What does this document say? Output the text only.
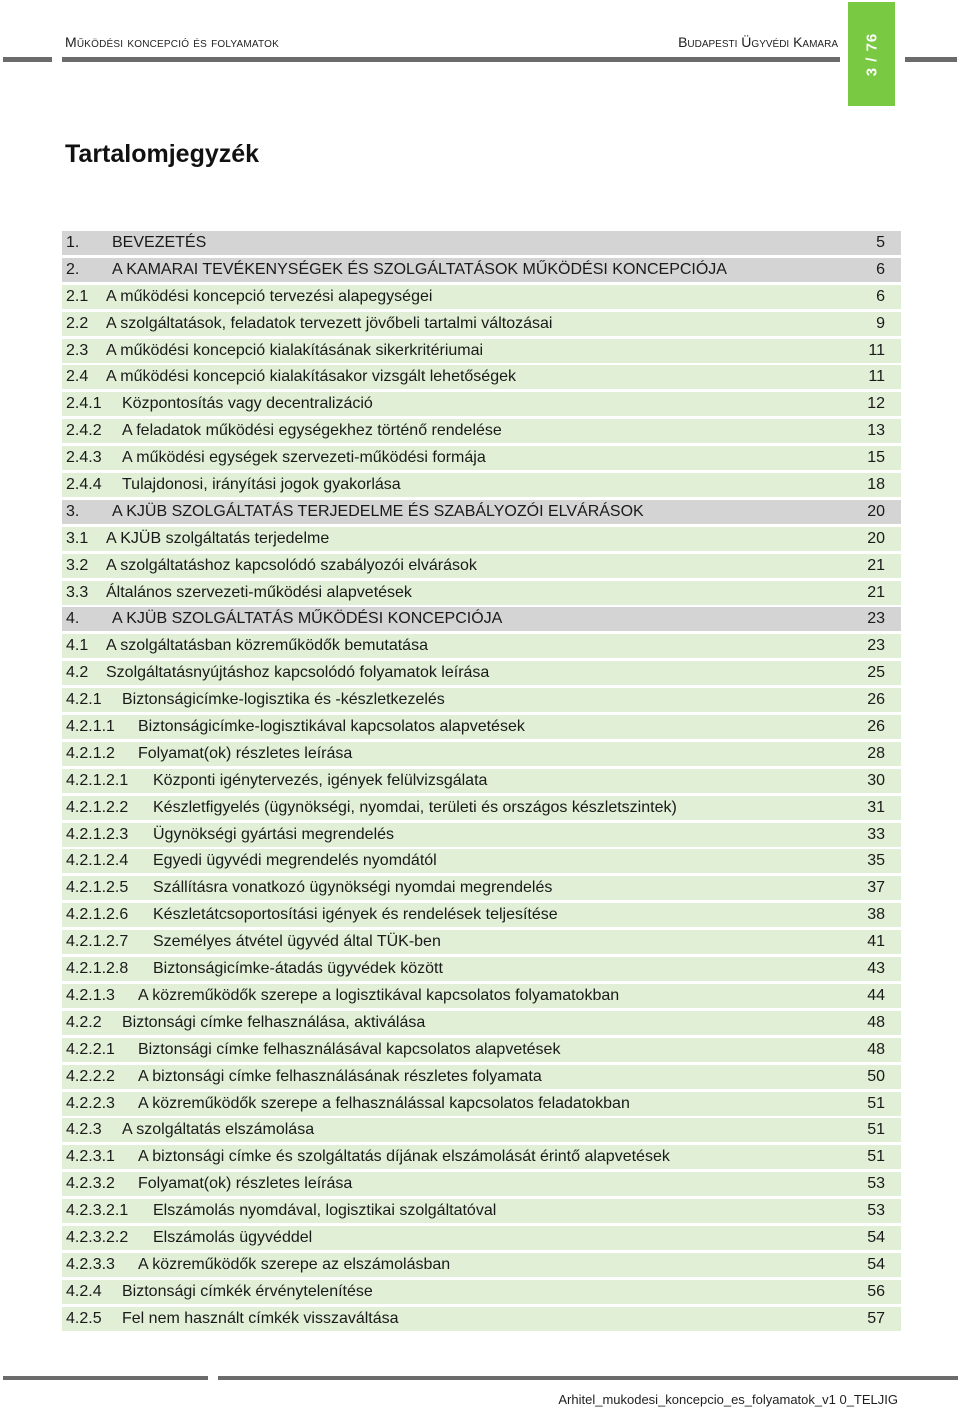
Működési koncepció és folyamatok	Budapesti Ügyvédi Kamara 3 / 76
Tartalomjegyzék
1. BEVEZETÉS	5
2. A KAMARAI TEVÉKENYSÉGEK ÉS SZOLGÁLTATÁSOK MŰKÖDÉSI KONCEPCIÓJA	6
2.1 A működési koncepció tervezési alapegységei	6
2.2 A szolgáltatások, feladatok tervezett jövőbeli tartalmi változásai	9
2.3 A működési koncepció kialakításának sikerkritériumai	11
2.4 A működési koncepció kialakításakor vizsgált lehetőségek	11
2.4.1 Központosítás vagy decentralizáció	12
2.4.2 A feladatok működési egységekhez történő rendelése	13
2.4.3 A működési egységek szervezeti-működési formája	15
2.4.4 Tulajdonosi, irányítási jogok gyakorlása	18
3. A KJÜB SZOLGÁLTATÁS TERJEDELME ÉS SZABÁLYOZÓI ELVÁRÁSOK	20
3.1 A KJÜB szolgáltatás terjedelme	20
3.2 A szolgáltatáshoz kapcsolódó szabályozói elvárások	21
3.3 Általános szervezeti-működési alapvetések	21
4. A KJÜB SZOLGÁLTATÁS MŰKÖDÉSI KONCEPCIÓJA	23
4.1 A szolgáltatásban közreműködők bemutatása	23
4.2 Szolgáltatásnyújtáshoz kapcsolódó folyamatok leírása	25
4.2.1 Biztonságicímke-logisztika és -készletkezelés	26
4.2.1.1 Biztonságicímke-logisztikával kapcsolatos alapvetések	26
4.2.1.2 Folyamat(ok) részletes leírása	28
4.2.1.2.1 Központi igénytervezés, igények felülvizsgálata	30
4.2.1.2.2 Készletfigyelés (ügynökségi, nyomdai, területi és országos készletszintek)	31
4.2.1.2.3 Ügynökségi gyártási megrendelés	33
4.2.1.2.4 Egyedi ügyvédi megrendelés nyomdától	35
4.2.1.2.5 Szállításra vonatkozó ügynökségi nyomdai megrendelés	37
4.2.1.2.6 Készletátcsoportosítási igények és rendelések teljesítése	38
4.2.1.2.7 Személyes átvétel ügyvéd által TÜK-ben	41
4.2.1.2.8 Biztonságicímke-átadás ügyvédek között	43
4.2.1.3 A közreműködők szerepe a logisztikával kapcsolatos folyamatokban	44
4.2.2 Biztonsági címke felhasználása, aktiválása	48
4.2.2.1 Biztonsági címke felhasználásával kapcsolatos alapvetések	48
4.2.2.2 A biztonsági címke felhasználásának részletes folyamata	50
4.2.2.3 A közreműködők szerepe a felhasználással kapcsolatos feladatokban	51
4.2.3 A szolgáltatás elszámolása	51
4.2.3.1 A biztonsági címke és szolgáltatás díjának elszámolását érintő alapvetések	51
4.2.3.2 Folyamat(ok) részletes leírása	53
4.2.3.2.1 Elszámolás nyomdával, logisztikai szolgáltatóval	53
4.2.3.2.2 Elszámolás ügyvéddel	54
4.2.3.3 A közreműködők szerepe az elszámolásban	54
4.2.4 Biztonsági címkék érvénytelenítése	56
4.2.5 Fel nem használt címkék visszaváltása	57
Arhitel_mukodesi_koncepcio_es_folyamatok_v1 0_TELJIG
